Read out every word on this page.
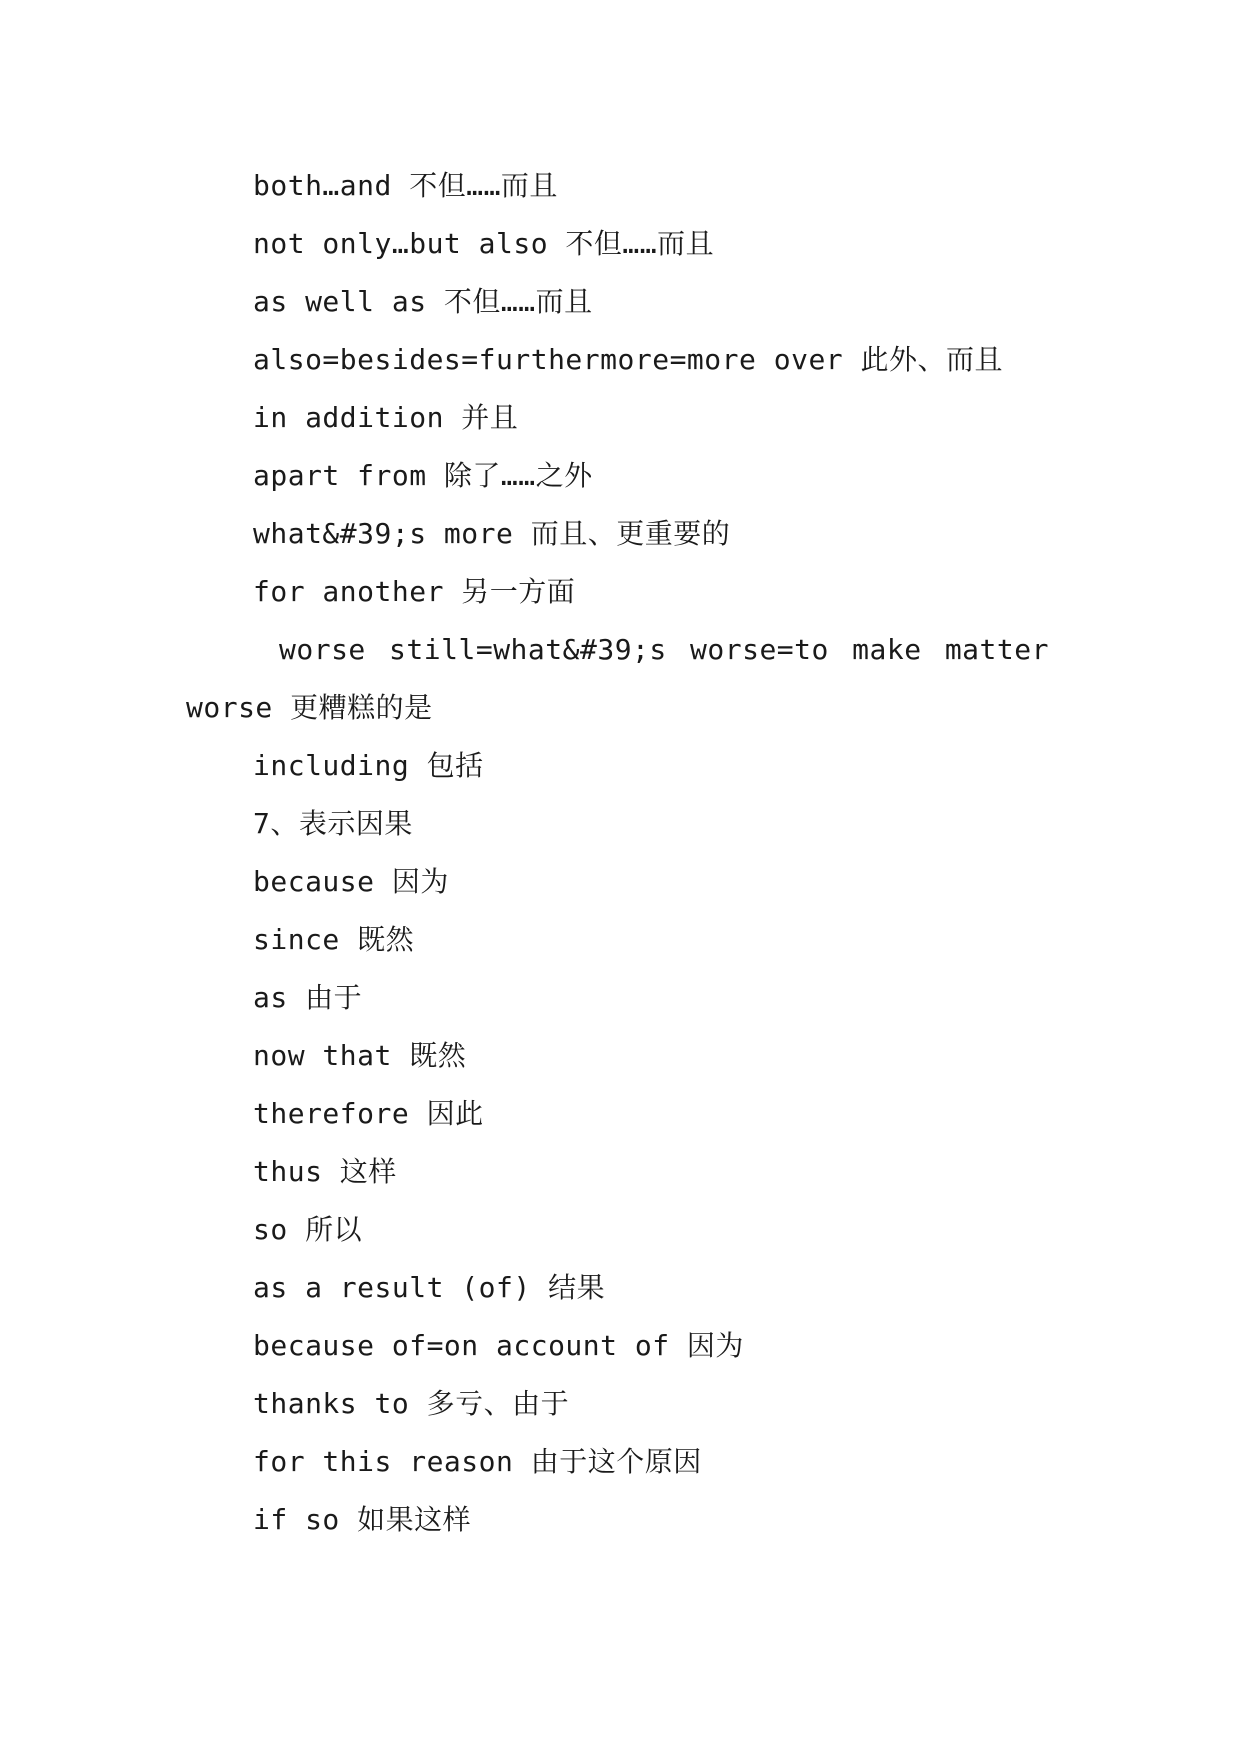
both…and 不但……而且
not only…but also 不但……而且
as well as 不但……而且
also=besides=furthermore=more over 此外、而且
in addition 并且
apart from 除了……之外
what&#39;s more 而且、更重要的
for another 另一方面
worse still=what&#39;s worse=to make matter
worse 更糟糕的是
including 包括
7、表示因果
because 因为
since 既然
as 由于
now that 既然
therefore 因此
thus 这样
so 所以
as a result (of) 结果
because of=on account of 因为
thanks to 多亏、由于
for this reason 由于这个原因
if so 如果这样
